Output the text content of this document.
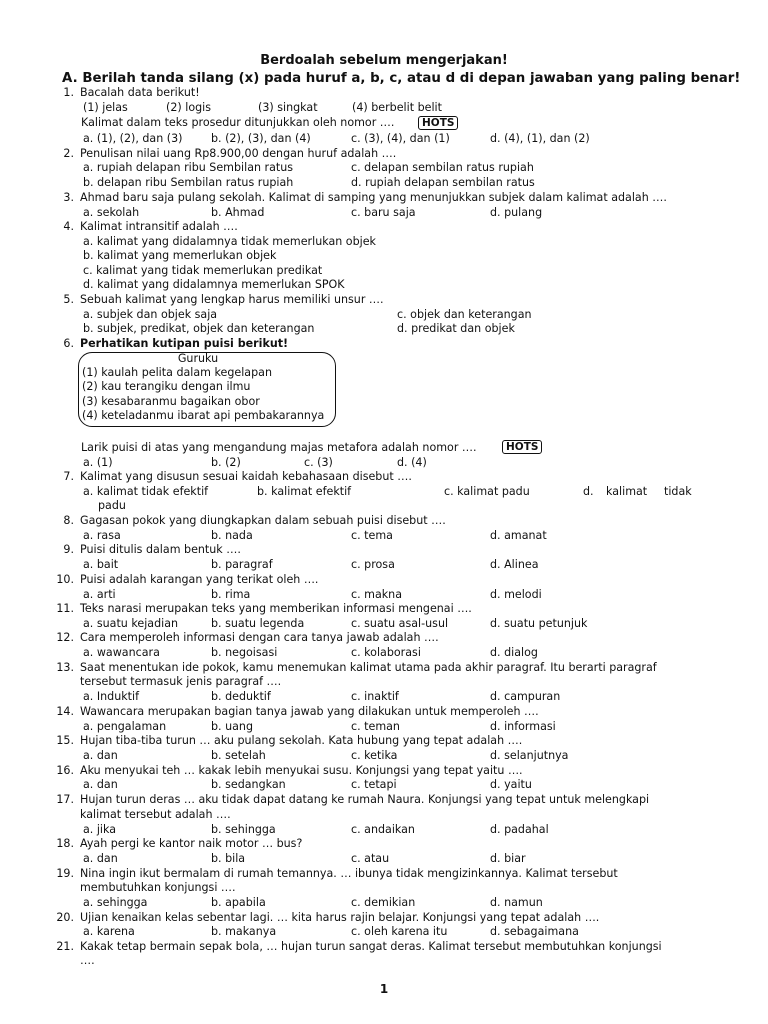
Berdoalah sebelum mengerjakan!
A. Berilah tanda silang (x) pada huruf a, b, c, atau d di depan jawaban yang paling benar!
1. Bacalah data berikut!
(1) jelas	(2) logis	(3) singkat	(4) berbelit belit
Kalimat dalam teks prosedur ditunjukkan oleh nomor ….	HOTS
a. (1), (2), dan (3)	b. (2), (3), dan (4)	c. (3), (4), dan (1)	d. (4), (1), dan (2)
2. Penulisan nilai uang Rp8.900,00 dengan huruf adalah ….
a. rupiah delapan ribu Sembilan ratus	c. delapan sembilan ratus rupiah
b. delapan ribu Sembilan ratus rupiah	d. rupiah delapan sembilan ratus
3. Ahmad baru saja pulang sekolah. Kalimat di samping yang menunjukkan subjek dalam kalimat adalah ….
a. sekolah	b. Ahmad	c. baru saja	d. pulang
4. Kalimat intransitif adalah ….
a. kalimat yang didalamnya tidak memerlukan objek
b. kalimat yang memerlukan objek
c. kalimat yang tidak memerlukan predikat
d. kalimat yang didalamnya memerlukan SPOK
5. Sebuah kalimat yang lengkap harus memiliki unsur ….
a. subjek dan objek saja	c. objek dan keterangan
b. subjek, predikat, objek dan keterangan	d. predikat dan objek
6. Perhatikan kutipan puisi berikut!
Guruku
(1) kaulah pelita dalam kegelapan
(2) kau terangiku dengan ilmu
(3) kesabaranmu bagaikan obor
(4) keteladanmu ibarat api pembakarannya
Larik puisi di atas yang mengandung majas metafora adalah nomor ….	HOTS
a. (1)	b. (2)	c. (3)	d. (4)
7. Kalimat yang disusun sesuai kaidah kebahasaan disebut ….
a. kalimat tidak efektif	b. kalimat efektif	c. kalimat padu	d. kalimat tidak
padu
8. Gagasan pokok yang diungkapkan dalam sebuah puisi disebut ….
a. rasa	b. nada	c. tema	d. amanat
9. Puisi ditulis dalam bentuk ….
a. bait	b. paragraf	c. prosa	d. Alinea
10. Puisi adalah karangan yang terikat oleh ….
a. arti	b. rima	c. makna	d. melodi
11. Teks narasi merupakan teks yang memberikan informasi mengenai ….
a. suatu kejadian	b. suatu legenda	c. suatu asal-usul	d. suatu petunjuk
12. Cara memperoleh informasi dengan cara tanya jawab adalah ….
a. wawancara	b. negoisasi	c. kolaborasi	d. dialog
13. Saat menentukan ide pokok, kamu menemukan kalimat utama pada akhir paragraf. Itu berarti paragraf
tersebut termasuk jenis paragraf ….
a. Induktif	b. deduktif	c. inaktif	d. campuran
14. Wawancara merupakan bagian tanya jawab yang dilakukan untuk memperoleh ….
a. pengalaman	b. uang	c. teman	d. informasi
15. Hujan tiba-tiba turun … aku pulang sekolah. Kata hubung yang tepat adalah ….
a. dan	b. setelah	c. ketika	d. selanjutnya
16. Aku menyukai teh … kakak lebih menyukai susu. Konjungsi yang tepat yaitu ….
a. dan	b. sedangkan	c. tetapi	d. yaitu
17. Hujan turun deras … aku tidak dapat datang ke rumah Naura. Konjungsi yang tepat untuk melengkapi
kalimat tersebut adalah ….
a. jika	b. sehingga	c. andaikan	d. padahal
18. Ayah pergi ke kantor naik motor … bus?
a. dan	b. bila	c. atau	d. biar
19. Nina ingin ikut bermalam di rumah temannya. … ibunya tidak mengizinkannya. Kalimat tersebut
membutuhkan konjungsi ….
a. sehingga	b. apabila	c. demikian	d. namun
20. Ujian kenaikan kelas sebentar lagi. … kita harus rajin belajar. Konjungsi yang tepat adalah ….
a. karena	b. makanya	c. oleh karena itu	d. sebagaimana
21. Kakak tetap bermain sepak bola, … hujan turun sangat deras. Kalimat tersebut membutuhkan konjungsi
….
1
